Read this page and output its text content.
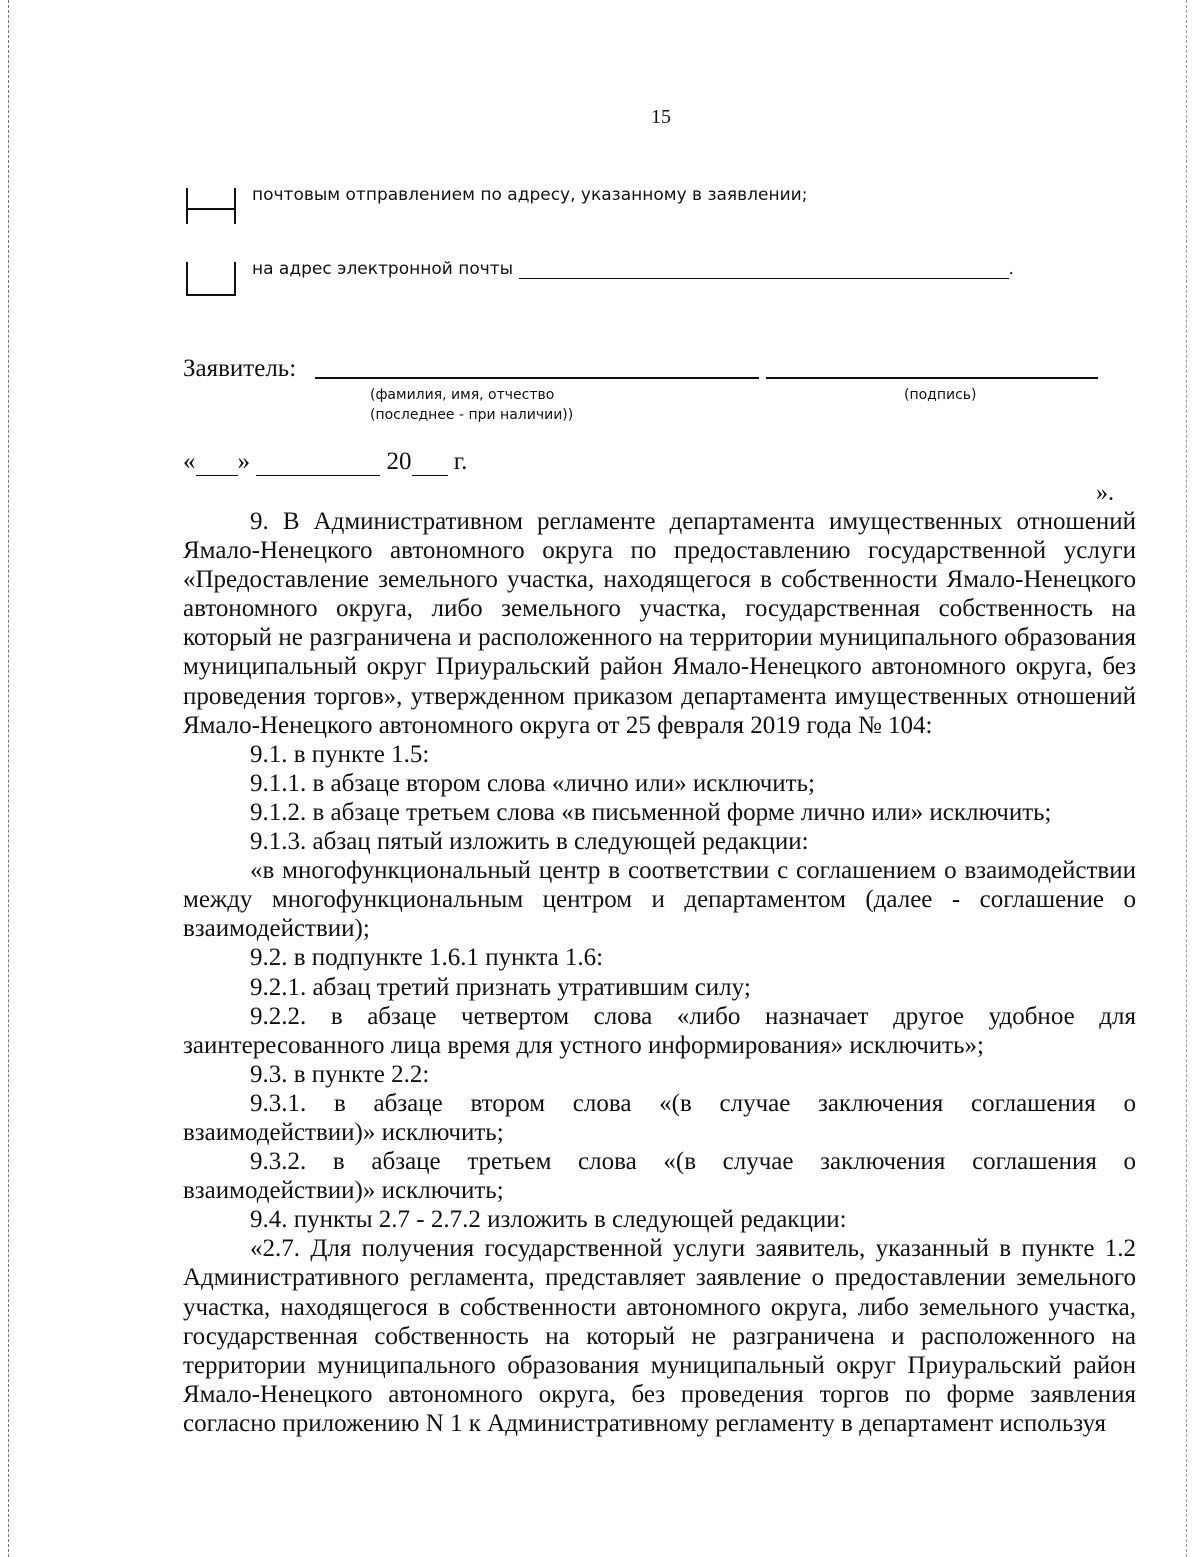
15
почтовым отправлением по адресу, указанному в заявлении;
на адрес электронной почты	.
Заявитель:
(фамилия, имя, отчество
(последнее - при наличии))
(подпись)
« »	20 г.
».

9. В Административном регламенте департамента имущественных отношений Ямало-Ненецкого автономного округа по предоставлению государственной услуги «Предоставление земельного участка, находящегося в собственности Ямало-Ненецкого автономного округа, либо земельного участка, государственная собственность на который не разграничена и расположенного на территории муниципального образования муниципальный округ Приуральский район Ямало-Ненецкого автономного округа, без проведения торгов», утвержденном приказом департамента имущественных отношений Ямало-Ненецкого автономного округа от 25 февраля 2019 года № 104:

9.1. в пункте 1.5:

9.1.1. в абзаце втором слова «лично или» исключить;

9.1.2. в абзаце третьем слова «в письменной форме лично или» исключить;

9.1.3. абзац пятый изложить в следующей редакции:

«в многофункциональный центр в соответствии с соглашением о взаимодействии между многофункциональным центром и департаментом (далее - соглашение о взаимодействии);

9.2. в подпункте 1.6.1 пункта 1.6:

9.2.1. абзац третий признать утратившим силу;

9.2.2. в абзаце четвертом слова «либо назначает другое удобное для заинтересованного лица время для устного информирования» исключить»;

9.3. в пункте 2.2:

9.3.1. в абзаце втором слова «(в случае заключения соглашения о взаимодействии)» исключить;

9.3.2. в абзаце третьем слова «(в случае заключения соглашения о взаимодействии)» исключить;

9.4. пункты 2.7 - 2.7.2 изложить в следующей редакции:

«2.7. Для получения государственной услуги заявитель, указанный в пункте 1.2 Административного регламента, представляет заявление о предоставлении земельного участка, находящегося в собственности автономного округа, либо земельного участка, государственная собственность на который не разграничена и расположенного на территории муниципального образования муниципальный округ Приуральский район Ямало-Ненецкого автономного округа, без проведения торгов по форме заявления согласно приложению N 1 к Административному регламенту в департамент используя
